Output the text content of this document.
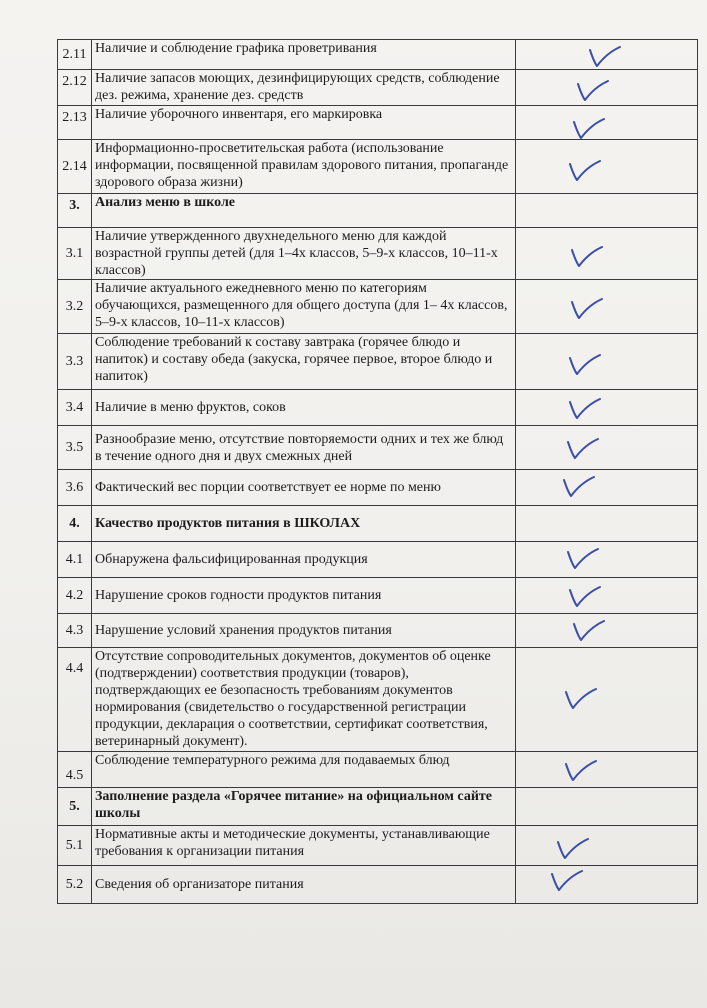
2.11	Наличие и соблюдение графика проветривания	

2.12	Наличие запасов моющих, дезинфицирующих средств, соблюдение дез. режима, хранение дез. средств	

2.13	Наличие уборочного инвентаря, его маркировка	

2.14	Информационно-просветительская работа (использование информации, посвященной правилам здорового питания, пропаганде здорового образа жизни)	

3.	Анализ меню в школе	
3.1	Наличие утвержденного двухнедельного меню для каждой возрастной группы детей (для 1–4х классов, 5–9-х классов, 10–11-х классов)	

3.2	Наличие актуального ежедневного меню по категориям обучающихся, размещенного для общего доступа (для 1– 4х классов, 5–9-х классов, 10–11-х классов)	

3.3	Соблюдение требований к составу завтрака (горячее блюдо и напиток) и составу обеда (закуска, горячее первое, второе блюдо и напиток)	

3.4	Наличие в меню фруктов, соков	

3.5	Разнообразие меню, отсутствие повторяемости одних и тех же блюд в течение одного дня и двух смежных дней	

3.6	Фактический вес порции соответствует ее норме по меню	

4.	Качество продуктов питания в ШКОЛАХ	
4.1	Обнаружена фальсифицированная продукция	

4.2	Нарушение сроков годности продуктов питания	

4.3	Нарушение условий хранения продуктов питания	

4.4	Отсутствие сопроводительных документов, документов об оценке (подтверждении) соответствия продукции (товаров), подтверждающих ее безопасность требованиям документов нормирования (свидетельство о государственной регистрации продукции, декларация о соответствии, сертификат соответствия, ветеринарный документ).	

4.5	Соблюдение температурного режима для подаваемых блюд	

5.	Заполнение раздела «Горячее питание» на официальном сайте школы	
5.1	Нормативные акты и методические документы, устанавливающие требования к организации питания	

5.2	Сведения об организаторе питания	
